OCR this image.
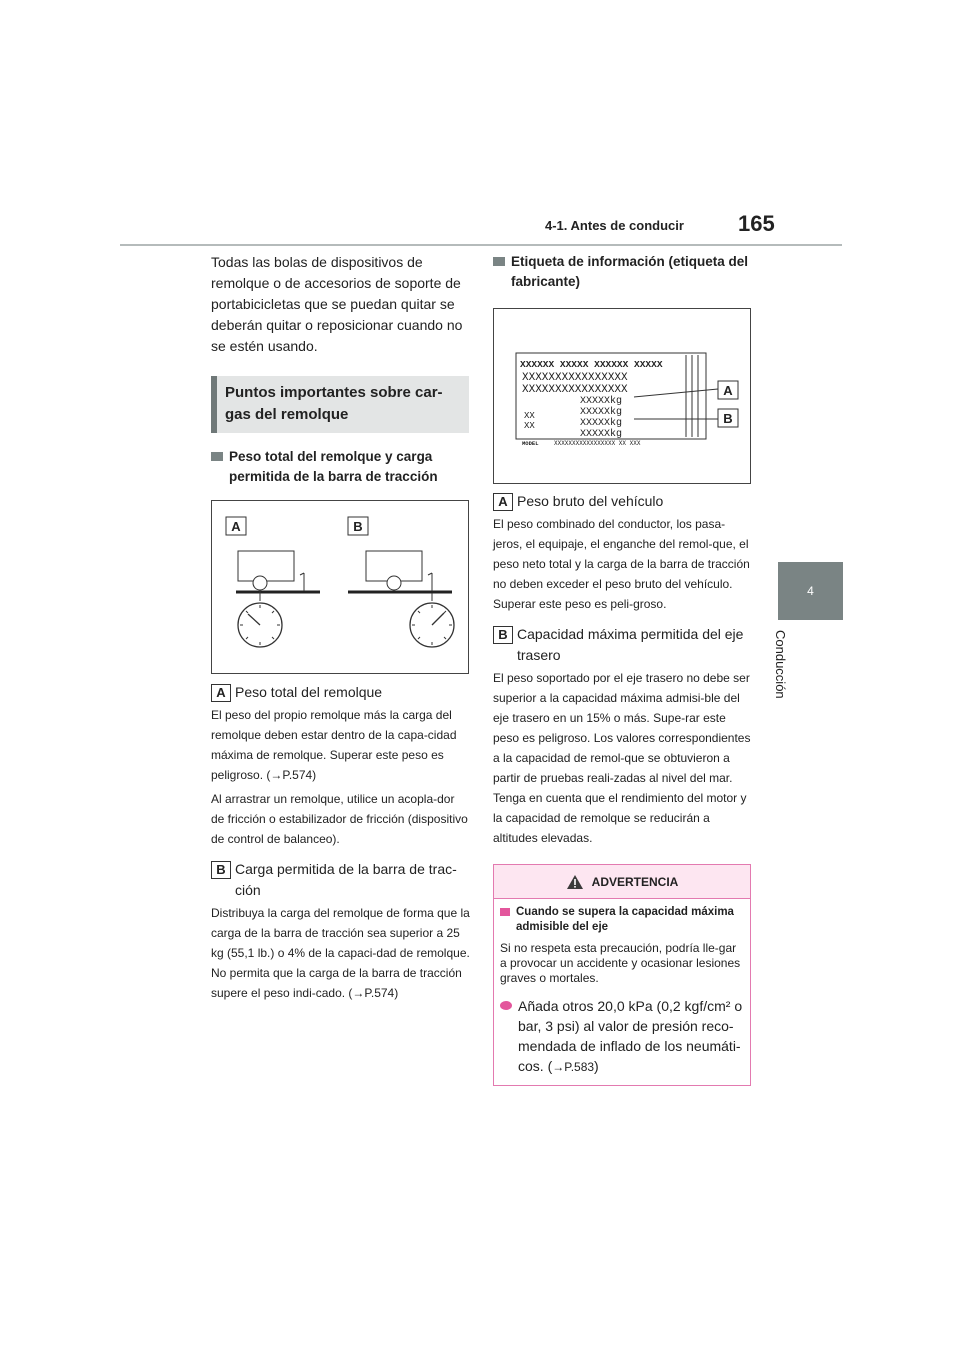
4-1. Antes de conducir 165
4
Conducción

Todas las bolas de dispositivos de remolque o de accesorios de soporte de portabicicletas que se puedan quitar se deberán quitar o reposicionar cuando no se estén usando.

Puntos importantes sobre car-gas del remolque
Peso total del remolque y carga permitida de la barra de tracción
A	B
A Peso total del remolque

El peso del propio remolque más la carga del remolque deben estar dentro de la capa-cidad máxima de remolque. Superar este peso es peligroso. (→P.574)

Al arrastrar un remolque, utilice un acopla-dor de fricción o estabilizador de fricción (dispositivo de control de balanceo).

B Carga permitida de la barra de trac-ción

Distribuya la carga del remolque de forma que la carga de la barra de tracción sea superior a 25 kg (55,1 lb.) o 4% de la capaci-dad de remolque. No permita que la carga de la barra de tracción supere el peso indi-cado. (→P.574)

Etiqueta de información (etiqueta del fabricante)
XXXXXX XXXXX XXXXXX XXXXX
XXXXXXXXXXXXXXXX
XXXXXXXXXXXXXXXX
XXXXXkg
XXXXXkg
XXXXXkg
XXXXXkg
XX
XX
MODEL	XXXXXXXXXXXXXXXXX XX XXX
A
B
A Peso bruto del vehículo

El peso combinado del conductor, los pasa-jeros, el equipaje, el enganche del remol-que, el peso neto total y la carga de la barra de tracción no deben exceder el peso bruto del vehículo. Superar este peso es peli-groso.

B Capacidad máxima permitida del eje trasero

El peso soportado por el eje trasero no debe ser superior a la capacidad máxima admisi-ble del eje trasero en un 15% o más. Supe-rar este peso es peligroso. Los valores correspondientes a la capacidad de remol-que se obtuvieron a partir de pruebas reali-zadas al nivel del mar. Tenga en cuenta que el rendimiento del motor y la capacidad de remolque se reducirán a altitudes elevadas.

ADVERTENCIA
Cuando se supera la capacidad máxima admisible del eje

Si no respeta esta precaución, podría lle-gar a provocar un accidente y ocasionar lesiones graves o mortales.

Añada otros 20,0 kPa (0,2 kgf/cm² o bar, 3 psi) al valor de presión reco-mendada de inflado de los neumáti-cos. (→P.583)
